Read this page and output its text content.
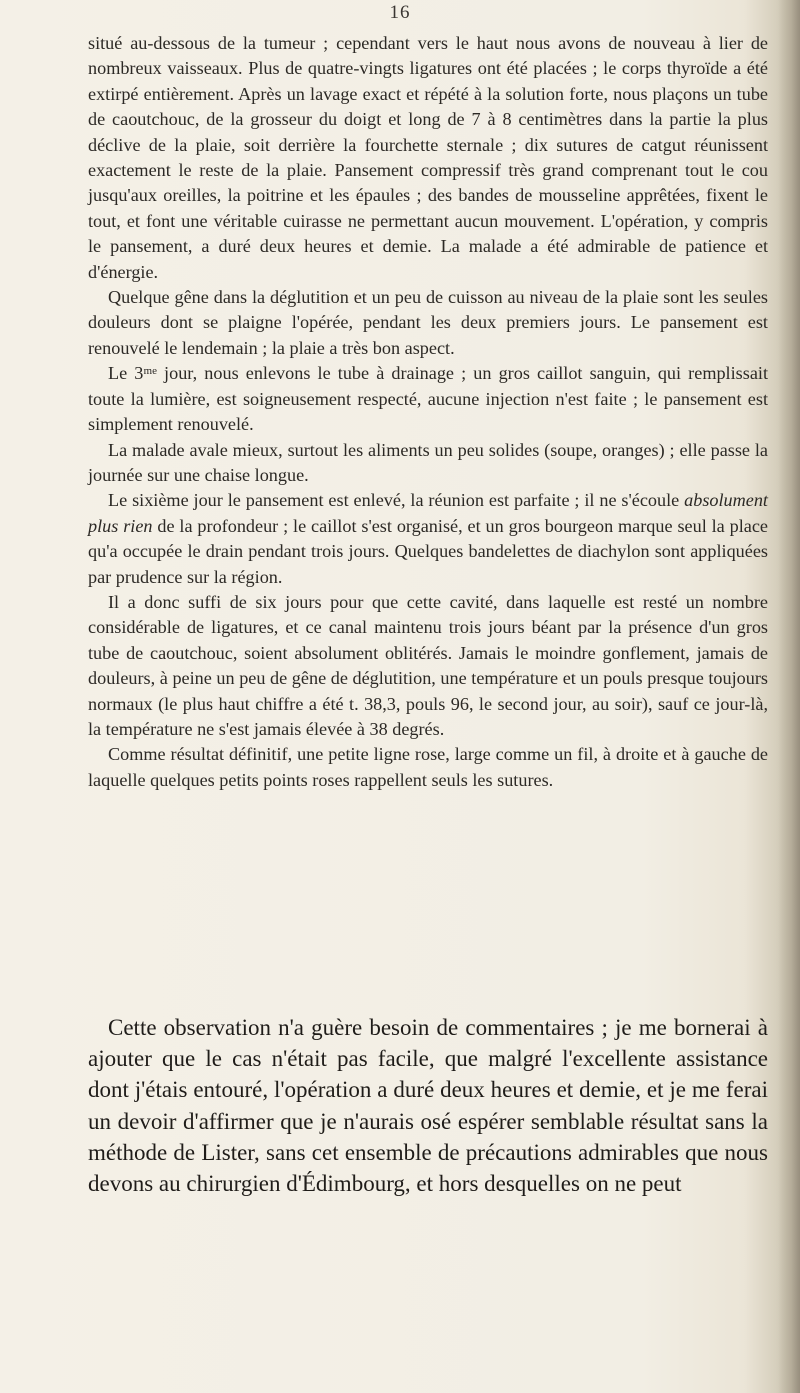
16

situé au-dessous de la tumeur ; cependant vers le haut nous avons de nouveau à lier de nombreux vaisseaux. Plus de quatre-vingts ligatures ont été placées ; le corps thyroïde a été extirpé entièrement. Après un lavage exact et répété à la solution forte, nous plaçons un tube de caoutchouc, de la grosseur du doigt et long de 7 à 8 centimètres dans la partie la plus déclive de la plaie, soit derrière la fourchette sternale ; dix sutures de catgut réunissent exactement le reste de la plaie. Pansement compressif très grand comprenant tout le cou jusqu'aux oreilles, la poitrine et les épaules ; des bandes de mousseline apprêtées, fixent le tout, et font une véritable cuirasse ne permettant aucun mouvement. L'opération, y compris le pansement, a duré deux heures et demie. La malade a été admirable de patience et d'énergie.

Quelque gêne dans la déglutition et un peu de cuisson au niveau de la plaie sont les seules douleurs dont se plaigne l'opérée, pendant les deux premiers jours. Le pansement est renouvelé le lendemain ; la plaie a très bon aspect.

Le 3ᵐᵉ jour, nous enlevons le tube à drainage ; un gros caillot sanguin, qui remplissait toute la lumière, est soigneusement respecté, aucune injection n'est faite ; le pansement est simplement renouvelé.

La malade avale mieux, surtout les aliments un peu solides (soupe, oranges) ; elle passe la journée sur une chaise longue.

Le sixième jour le pansement est enlevé, la réunion est parfaite ; il ne s'écoule absolument plus rien de la profondeur ; le caillot s'est organisé, et un gros bourgeon marque seul la place qu'a occupée le drain pendant trois jours. Quelques bandelettes de diachylon sont appliquées par prudence sur la région.

Il a donc suffi de six jours pour que cette cavité, dans laquelle est resté un nombre considérable de ligatures, et ce canal maintenu trois jours béant par la présence d'un gros tube de caoutchouc, soient absolument oblitérés. Jamais le moindre gonflement, jamais de douleurs, à peine un peu de gêne de déglutition, une température et un pouls presque toujours normaux (le plus haut chiffre a été t. 38,3, pouls 96, le second jour, au soir), sauf ce jour-là, la température ne s'est jamais élevée à 38 degrés.

Comme résultat définitif, une petite ligne rose, large comme un fil, à droite et à gauche de laquelle quelques petits points roses rappellent seuls les sutures.

Cette observation n'a guère besoin de commentaires ; je me bornerai à ajouter que le cas n'était pas facile, que malgré l'excellente assistance dont j'étais entouré, l'opération a duré deux heures et demie, et je me ferai un devoir d'affirmer que je n'aurais osé espérer semblable résultat sans la méthode de Lister, sans cet ensemble de précautions admirables que nous devons au chirurgien d'Édimbourg, et hors desquelles on ne peut
